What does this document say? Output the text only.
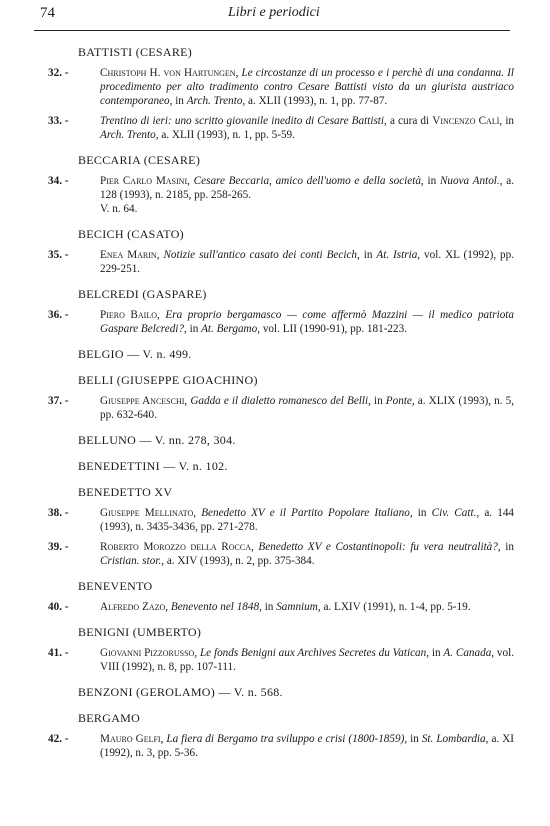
74	Libri e periodici

BATTISTI (CESARE)

32. -	Christoph H. von Hartungen, Le circostanze di un processo e i perchè di una condanna. Il procedimento per alto tradimento contro Cesare Battisti visto da un giurista austriaco contemporaneo, in Arch. Trento, a. XLII (1993), n. 1, pp. 77-87.

33. -	Trentino di ieri: uno scritto giovanile inedito di Cesare Battisti, a cura di Vincenzo Calì, in Arch. Trento, a. XLII (1993), n. 1, pp. 5-59.

BECCARIA (CESARE)

34. -	Pier Carlo Masini, Cesare Beccaria, amico dell'uomo e della società, in Nuova Antol., a. 128 (1993), n. 2185, pp. 258-265.

V. n. 64.

BECICH (CASATO)

35. -	Enea Marin, Notizie sull'antico casato dei conti Becich, in At. Istria, vol. XL (1992), pp. 229-251.

BELCREDI (GASPARE)

36. -	Piero Bailo, Era proprio bergamasco — come affermò Mazzini — il medico patriota Gaspare Belcredi?, in At. Bergamo, vol. LII (1990-91), pp. 181-223.

BELGIO — V. n. 499.

BELLI (GIUSEPPE GIOACHINO)

37. -	Giuseppe Anceschi, Gadda e il dialetto romanesco del Belli, in Ponte, a. XLIX (1993), n. 5, pp. 632-640.

BELLUNO — V. nn. 278, 304.

BENEDETTINI — V. n. 102.

BENEDETTO XV

38. -	Giuseppe Mellinato, Benedetto XV e il Partito Popolare Italiano, in Civ. Catt., a. 144 (1993), n. 3435-3436, pp. 271-278.

39. -	Roberto Morozzo della Rocca, Benedetto XV e Costantinopoli: fu vera neutralità?, in Cristian. stor., a. XIV (1993), n. 2, pp. 375-384.

BENEVENTO

40. -	Alfredo Zazo, Benevento nel 1848, in Samnium, a. LXIV (1991), n. 1-4, pp. 5-19.

BENIGNI (UMBERTO)

41. -	Giovanni Pizzorusso, Le fonds Benigni aux Archives Secretes du Vatican, in A. Canada, vol. VIII (1992), n. 8, pp. 107-111.

BENZONI (GEROLAMO) — V. n. 568.

BERGAMO

42. -	Mauro Gelfi, La fiera di Bergamo tra sviluppo e crisi (1800-1859), in St. Lombardia, a. XI (1992), n. 3, pp. 5-36.
